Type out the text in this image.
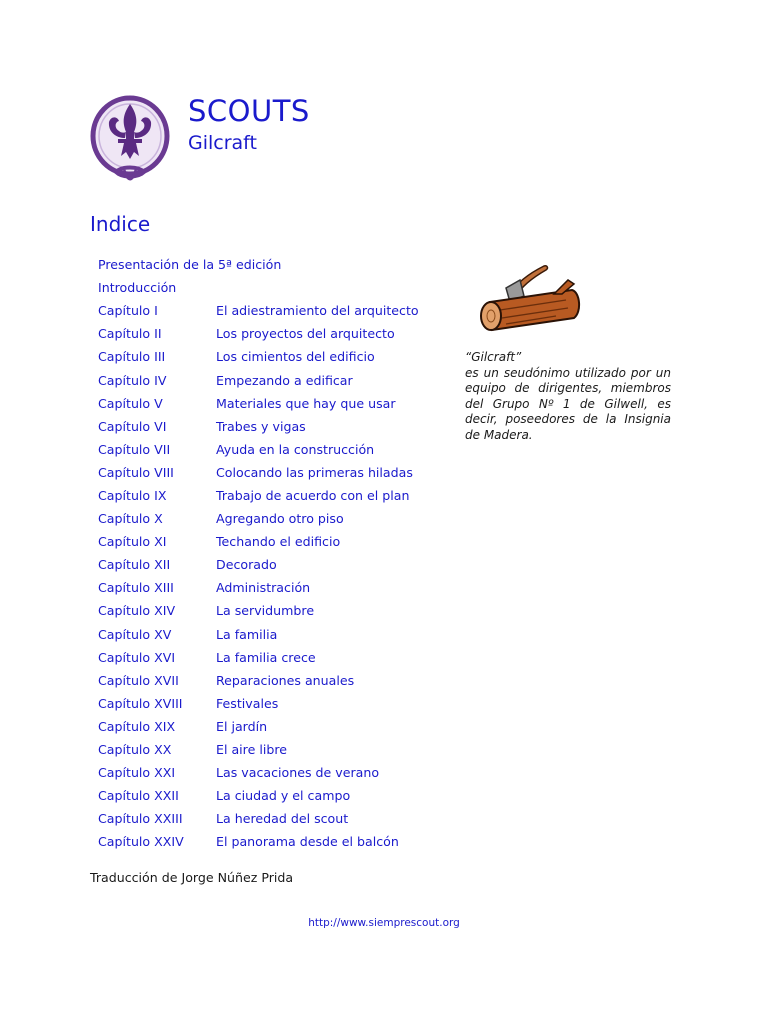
SCOUTS
Gilcraft
Indice
Presentación de la 5ª edición
Introducción
Capítulo I	El adiestramiento del arquitecto
Capítulo II	Los proyectos del arquitecto
Capítulo III	Los cimientos del edificio
Capítulo IV	Empezando a edificar
Capítulo V	Materiales que hay que usar
Capítulo VI	Trabes y vigas
Capítulo VII	Ayuda en la construcción
Capítulo VIII	Colocando las primeras hiladas
Capítulo IX	Trabajo de acuerdo con el plan
Capítulo X	Agregando otro piso
Capítulo XI	Techando el edificio
Capítulo XII	Decorado
Capítulo XIII	Administración
Capítulo XIV	La servidumbre
Capítulo XV	La familia
Capítulo XVI	La familia crece
Capítulo XVII	Reparaciones anuales
Capítulo XVIII	Festivales
Capítulo XIX	El jardín
Capítulo XX	El aire libre
Capítulo XXI	Las vacaciones de verano
Capítulo XXII	La ciudad y el campo
Capítulo XXIII	La heredad del scout
Capítulo XXIV	El panorama desde el balcón
“Gilcraft”
es un seudónimo utilizado por un equipo de dirigentes, miembros del Grupo Nº 1 de Gilwell, es decir, poseedores de la Insignia de Madera.
Traducción de Jorge Núñez Prida
http://www.siemprescout.org
